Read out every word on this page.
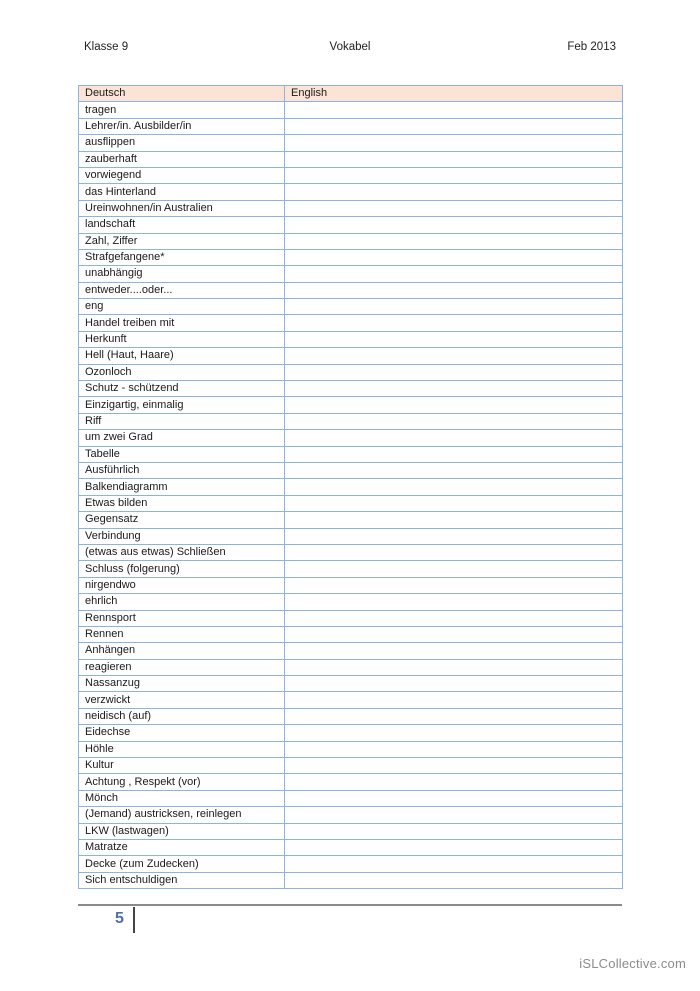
Klasse 9	Vokabel	Feb 2013
Deutsch	English
tragen	
Lehrer/in. Ausbilder/in	
ausflippen	
zauberhaft	
vorwiegend	
das Hinterland	
Ureinwohnen/in Australien	
landschaft	
Zahl, Ziffer	
Strafgefangene*	
unabhängig	
entweder....oder...	
eng	
Handel treiben mit	
Herkunft	
Hell (Haut, Haare)	
Ozonloch	
Schutz - schützend	
Einzigartig, einmalig	
Riff	
um zwei Grad	
Tabelle	
Ausführlich	
Balkendiagramm	
Etwas bilden	
Gegensatz	
Verbindung	
(etwas aus etwas) Schließen	
Schluss (folgerung)	
nirgendwo	
ehrlich	
Rennsport	
Rennen	
Anhängen	
reagieren	
Nassanzug	
verzwickt	
neidisch (auf)	
Eidechse	
Höhle	
Kultur	
Achtung , Respekt (vor)	
Mönch	
(Jemand) austricksen, reinlegen	
LKW (lastwagen)	
Matratze	
Decke (zum Zudecken)	
Sich entschuldigen	
5
iSLCollective.com
